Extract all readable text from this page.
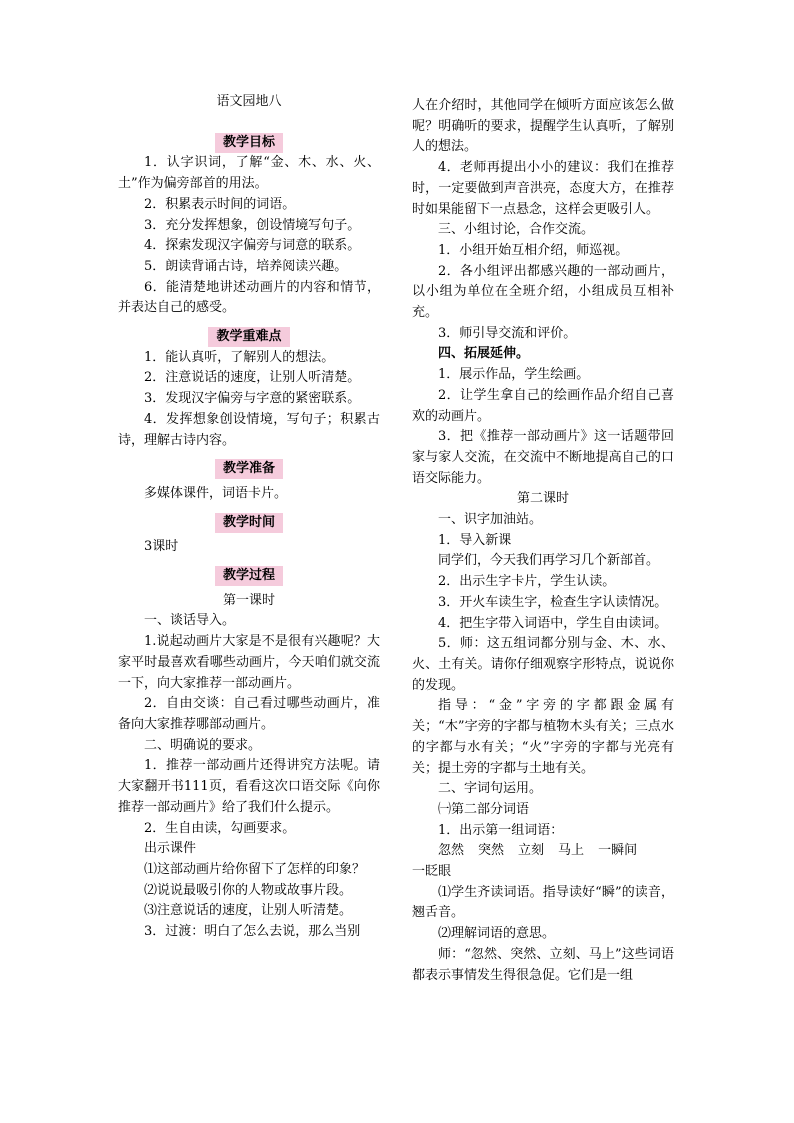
语文园地八

教学目标

1．认字识词，了解“金、木、水、火、土”作为偏旁部首的用法。

2．积累表示时间的词语。

3．充分发挥想象，创设情境写句子。

4．探索发现汉字偏旁与词意的联系。

5．朗读背诵古诗，培养阅读兴趣。

6．能清楚地讲述动画片的内容和情节，并表达自己的感受。

教学重难点

1．能认真听，了解别人的想法。

2．注意说话的速度，让别人听清楚。

3．发现汉字偏旁与字意的紧密联系。

4．发挥想象创设情境，写句子；积累古诗，理解古诗内容。

教学准备

多媒体课件，词语卡片。

教学时间

3课时

教学过程

第一课时

一、谈话导入。

1.说起动画片大家是不是很有兴趣呢？大家平时最喜欢看哪些动画片，今天咱们就交流一下，向大家推荐一部动画片。

2．自由交谈：自己看过哪些动画片，准备向大家推荐哪部动画片。

二、明确说的要求。

1．推荐一部动画片还得讲究方法呢。请大家翻开书111页，看看这次口语交际《向你推荐一部动画片》给了我们什么提示。

2．生自由读，勾画要求。

出示课件

⑴这部动画片给你留下了怎样的印象？

⑵说说最吸引你的人物或故事片段。

⑶注意说话的速度，让别人听清楚。

3．过渡：明白了怎么去说，那么当别

人在介绍时，其他同学在倾听方面应该怎么做呢？明确听的要求，提醒学生认真听，了解别人的想法。

4．老师再提出小小的建议：我们在推荐时，一定要做到声音洪亮，态度大方，在推荐时如果能留下一点悬念，这样会更吸引人。

三、小组讨论，合作交流。

1．小组开始互相介绍，师巡视。

2．各小组评出都感兴趣的一部动画片，以小组为单位在全班介绍，小组成员互相补充。

3．师引导交流和评价。

四、拓展延伸。

1．展示作品，学生绘画。

2．让学生拿自己的绘画作品介绍自己喜欢的动画片。

3．把《推荐一部动画片》这一话题带回家与家人交流，在交流中不断地提高自己的口语交际能力。

第二课时

一、识字加油站。

1．导入新课

同学们，今天我们再学习几个新部首。

2．出示生字卡片，学生认读。

3．开火车读生字，检查生字认读情况。

4．把生字带入词语中，学生自由读词。

5．师：这五组词都分别与金、木、水、火、土有关。请你仔细观察字形特点，说说你的发现。

指导：“金”字旁的字都跟金属有关；“木”字旁的字都与植物木头有关；三点水的字都与水有关；“火”字旁的字都与光亮有关；提土旁的字都与土地有关。

二、字词句运用。

㈠第二部分词语

1．出示第一组词语：

忽然 突然 立刻 马上 一瞬间

一眨眼

⑴学生齐读词语。指导读好“瞬”的读音，翘舌音。

⑵理解词语的意思。

师：“忽然、突然、立刻、马上”这些词语都表示事情发生得很急促。它们是一组
